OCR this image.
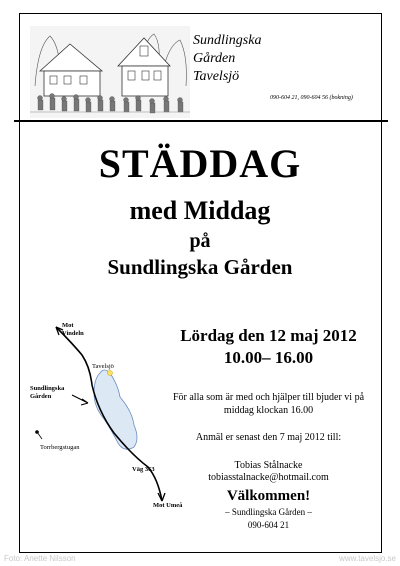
Sundlingska
Gården
Tavelsjö
090-604 21, 090-604 56 (bokning)
STÄDDAG
med Middag
på
Sundlingska Gården
Mot
Vindeln
Tavelsjö
Sundlingska
Gården
Torrbergstugan
Väg 363
Mot Umeå
Lördag den 12 maj 2012
10.00– 16.00
För alla som är med och hjälper till bjuder vi på
middag klockan 16.00
Anmäl er senast den 7 maj 2012 till:
Tobias Stålnacke
tobiasstalnacke@hotmail.com
Välkommen!
– Sundlingska Gården –
090-604 21
Foto: Anette Nilsson	www.tavelsjo.se
